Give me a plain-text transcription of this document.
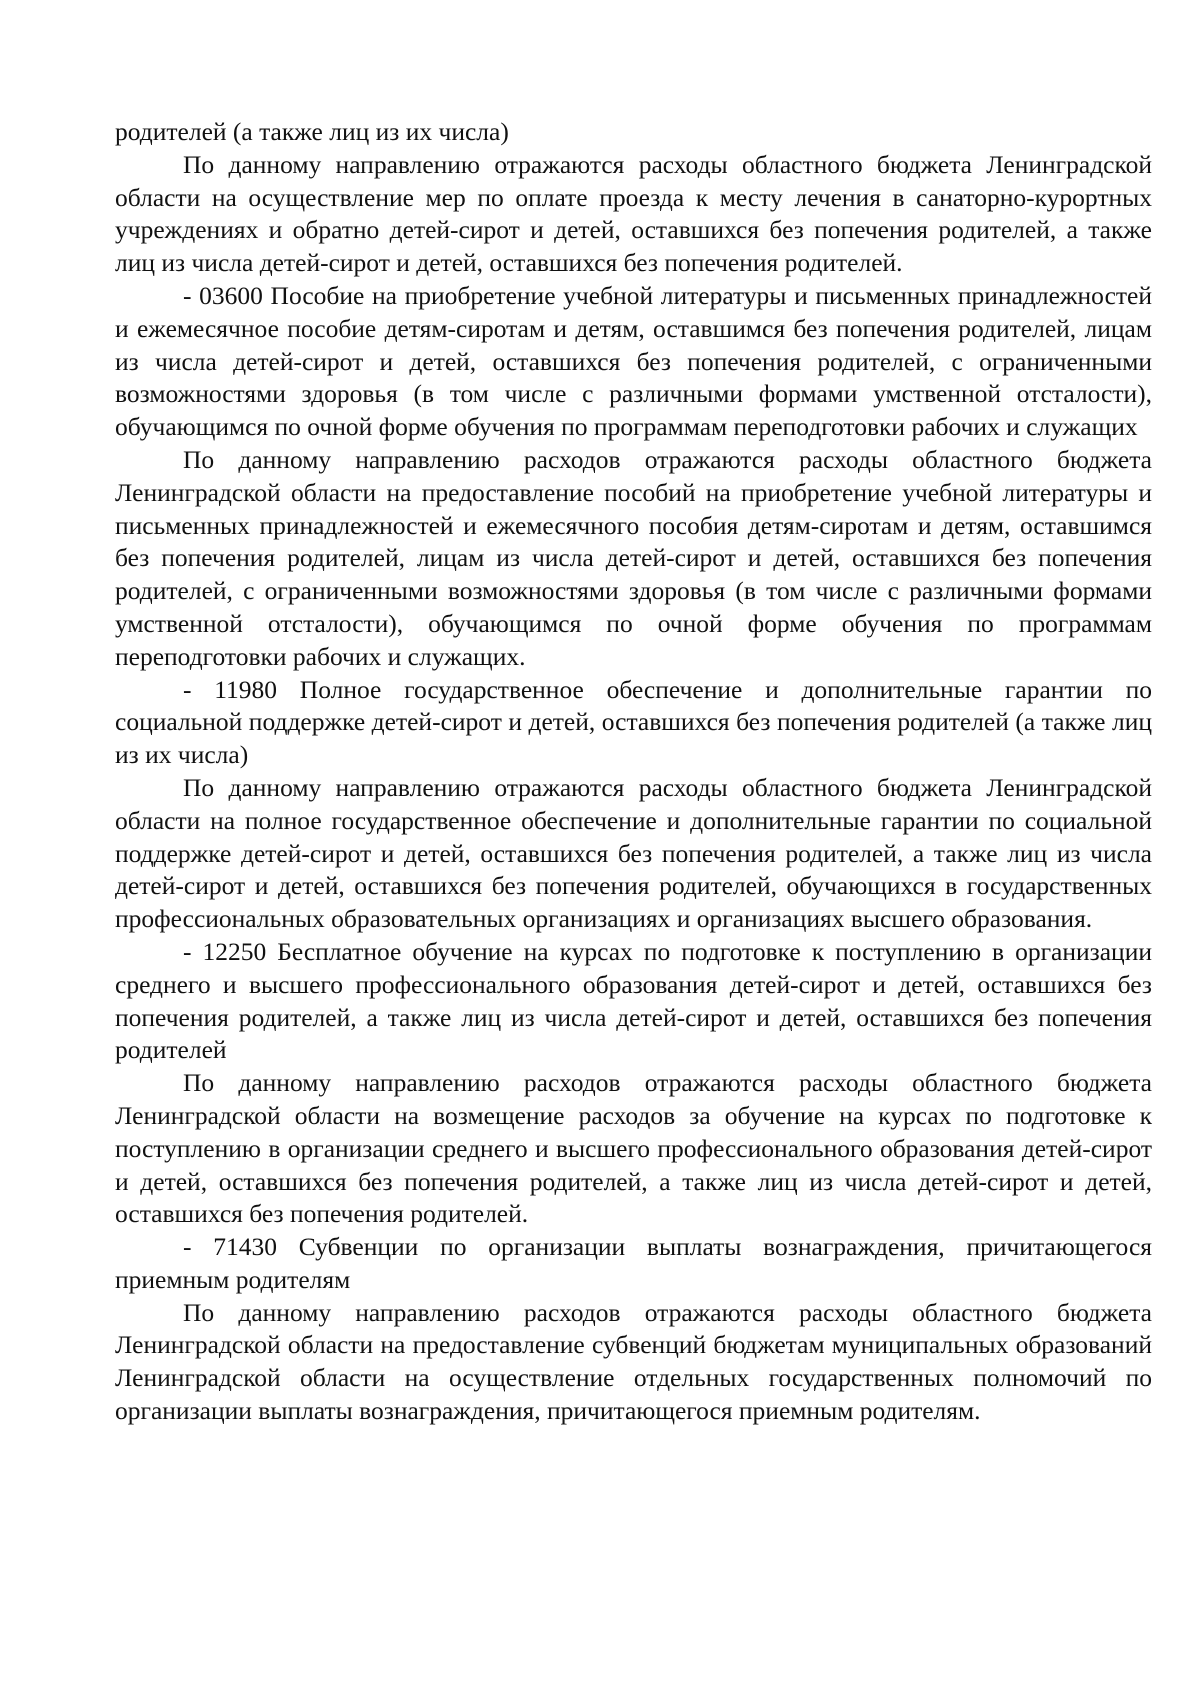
родителей (а также лиц из их числа)

По данному направлению отражаются расходы областного бюджета Ленинградской области на осуществление мер по оплате проезда к месту лечения в санаторно-курортных учреждениях и обратно детей-сирот и детей, оставшихся без попечения родителей, а также лиц из числа детей-сирот и детей, оставшихся без попечения родителей.

- 03600 Пособие на приобретение учебной литературы и письменных принадлежностей и ежемесячное пособие детям-сиротам и детям, оставшимся без попечения родителей, лицам из числа детей-сирот и детей, оставшихся без попечения родителей, с ограниченными возможностями здоровья (в том числе с различными формами умственной отсталости), обучающимся по очной форме обучения по программам переподготовки рабочих и служащих

По данному направлению расходов отражаются расходы областного бюджета Ленинградской области на предоставление пособий на приобретение учебной литературы и письменных принадлежностей и ежемесячного пособия детям-сиротам и детям, оставшимся без попечения родителей, лицам из числа детей-сирот и детей, оставшихся без попечения родителей, с ограниченными возможностями здоровья (в том числе с различными формами умственной отсталости), обучающимся по очной форме обучения по программам переподготовки рабочих и служащих.

- 11980 Полное государственное обеспечение и дополнительные гарантии по социальной поддержке детей-сирот и детей, оставшихся без попечения родителей (а также лиц из их числа)

По данному направлению отражаются расходы областного бюджета Ленинградской области на полное государственное обеспечение и дополнительные гарантии по социальной поддержке детей-сирот и детей, оставшихся без попечения родителей, а также лиц из числа детей-сирот и детей, оставшихся без попечения родителей, обучающихся в государственных профессиональных образовательных организациях и организациях высшего образования.

- 12250 Бесплатное обучение на курсах по подготовке к поступлению в организации среднего и высшего профессионального образования детей-сирот и детей, оставшихся без попечения родителей, а также лиц из числа детей-сирот и детей, оставшихся без попечения родителей

По данному направлению расходов отражаются расходы областного бюджета Ленинградской области на возмещение расходов за обучение на курсах по подготовке к поступлению в организации среднего и высшего профессионального образования детей-сирот и детей, оставшихся без попечения родителей, а также лиц из числа детей-сирот и детей, оставшихся без попечения родителей.

- 71430 Субвенции по организации выплаты вознаграждения, причитающегося приемным родителям

По данному направлению расходов отражаются расходы областного бюджета Ленинградской области на предоставление субвенций бюджетам муниципальных образований Ленинградской области на осуществление отдельных государственных полномочий по организации выплаты вознаграждения, причитающегося приемным родителям.
